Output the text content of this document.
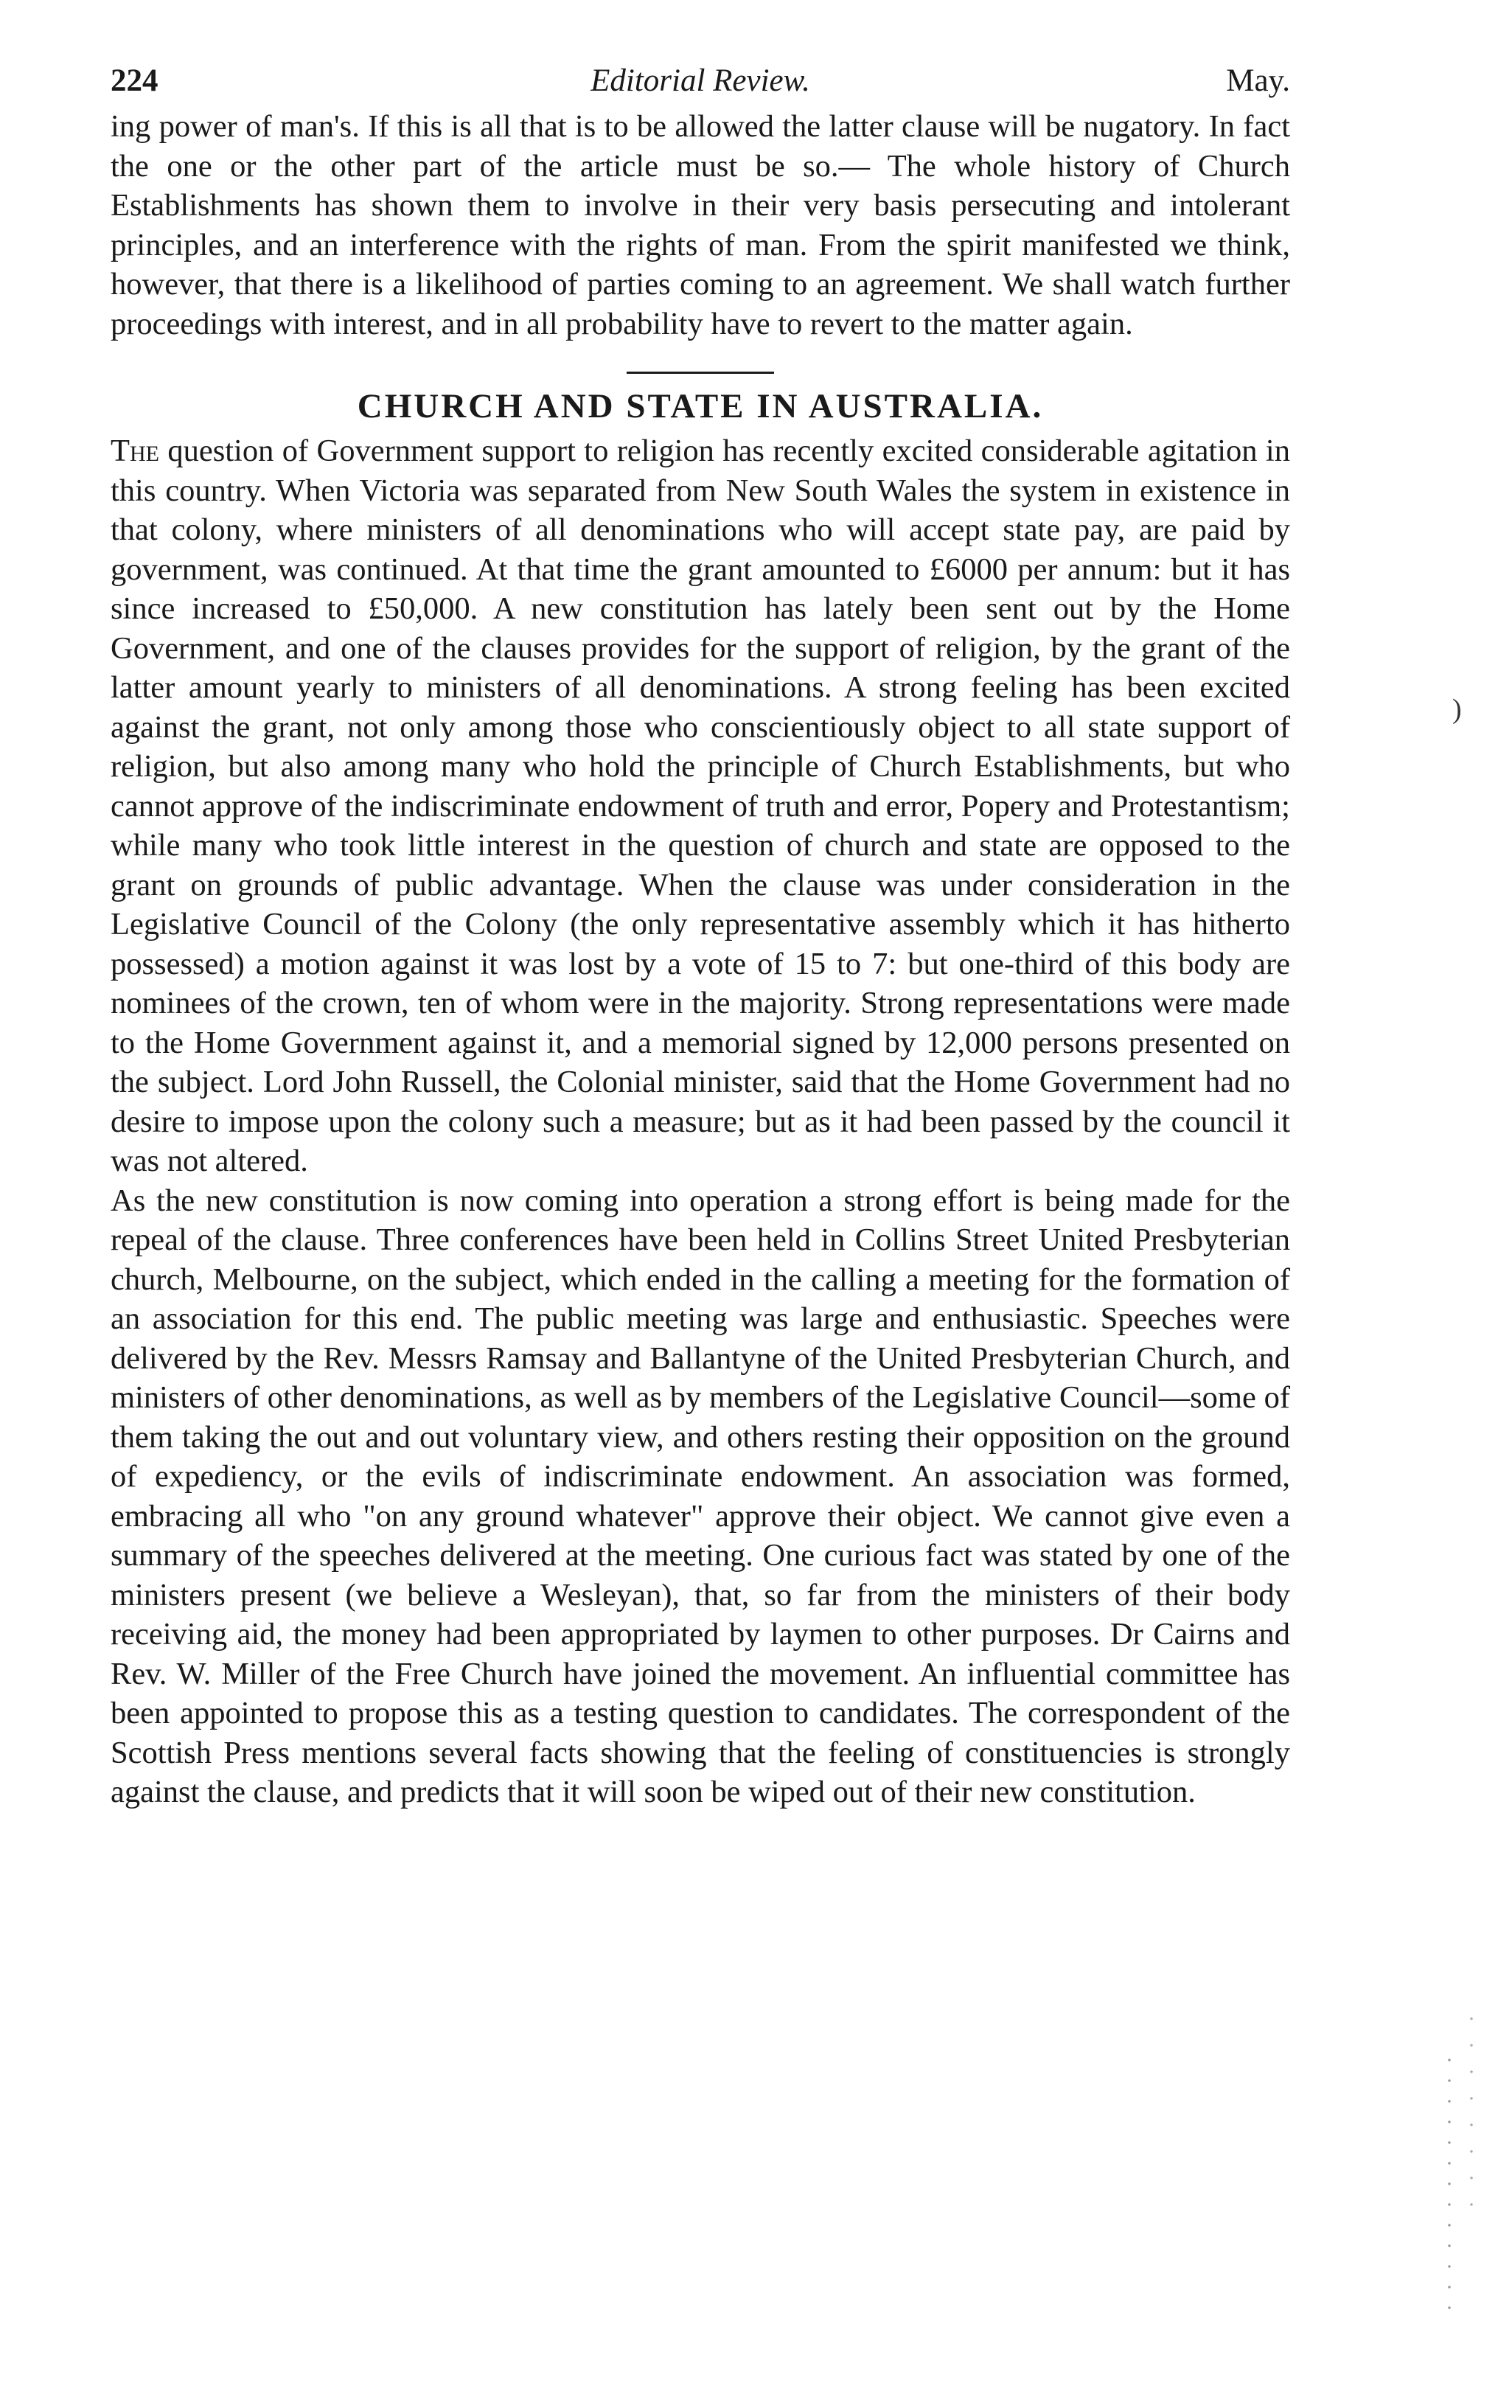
224	Editorial Review.	May.

ing power of man's. If this is all that is to be allowed the latter clause will be nugatory. In fact the one or the other part of the article must be so.— The whole history of Church Establishments has shown them to involve in their very basis persecuting and intolerant principles, and an interference with the rights of man. From the spirit manifested we think, however, that there is a likelihood of parties coming to an agreement. We shall watch further proceedings with interest, and in all probability have to revert to the matter again.

CHURCH AND STATE IN AUSTRALIA.

The question of Government support to religion has recently excited considerable agitation in this country. When Victoria was separated from New South Wales the system in existence in that colony, where ministers of all denominations who will accept state pay, are paid by government, was continued. At that time the grant amounted to £6000 per annum: but it has since increased to £50,000. A new constitution has lately been sent out by the Home Government, and one of the clauses provides for the support of religion, by the grant of the latter amount yearly to ministers of all denominations. A strong feeling has been excited against the grant, not only among those who conscientiously object to all state support of religion, but also among many who hold the principle of Church Establishments, but who cannot approve of the indiscriminate endowment of truth and error, Popery and Protestantism; while many who took little interest in the question of church and state are opposed to the grant on grounds of public advantage. When the clause was under consideration in the Legislative Council of the Colony (the only representative assembly which it has hitherto possessed) a motion against it was lost by a vote of 15 to 7: but one-third of this body are nominees of the crown, ten of whom were in the majority. Strong representations were made to the Home Government against it, and a memorial signed by 12,000 persons presented on the subject. Lord John Russell, the Colonial minister, said that the Home Government had no desire to impose upon the colony such a measure; but as it had been passed by the council it was not altered.

As the new constitution is now coming into operation a strong effort is being made for the repeal of the clause. Three conferences have been held in Collins Street United Presbyterian church, Melbourne, on the subject, which ended in the calling a meeting for the formation of an association for this end. The public meeting was large and enthusiastic. Speeches were delivered by the Rev. Messrs Ramsay and Ballantyne of the United Presbyterian Church, and ministers of other denominations, as well as by members of the Legislative Council—some of them taking the out and out voluntary view, and others resting their opposition on the ground of expediency, or the evils of indiscriminate endowment. An association was formed, embracing all who "on any ground whatever" approve their object. We cannot give even a summary of the speeches delivered at the meeting. One curious fact was stated by one of the ministers present (we believe a Wesleyan), that, so far from the ministers of their body receiving aid, the money had been appropriated by laymen to other purposes. Dr Cairns and Rev. W. Miller of the Free Church have joined the movement. An influential committee has been appointed to propose this as a testing question to candidates. The correspondent of the Scottish Press mentions several facts showing that the feeling of constituencies is strongly against the clause, and predicts that it will soon be wiped out of their new constitution.

)
